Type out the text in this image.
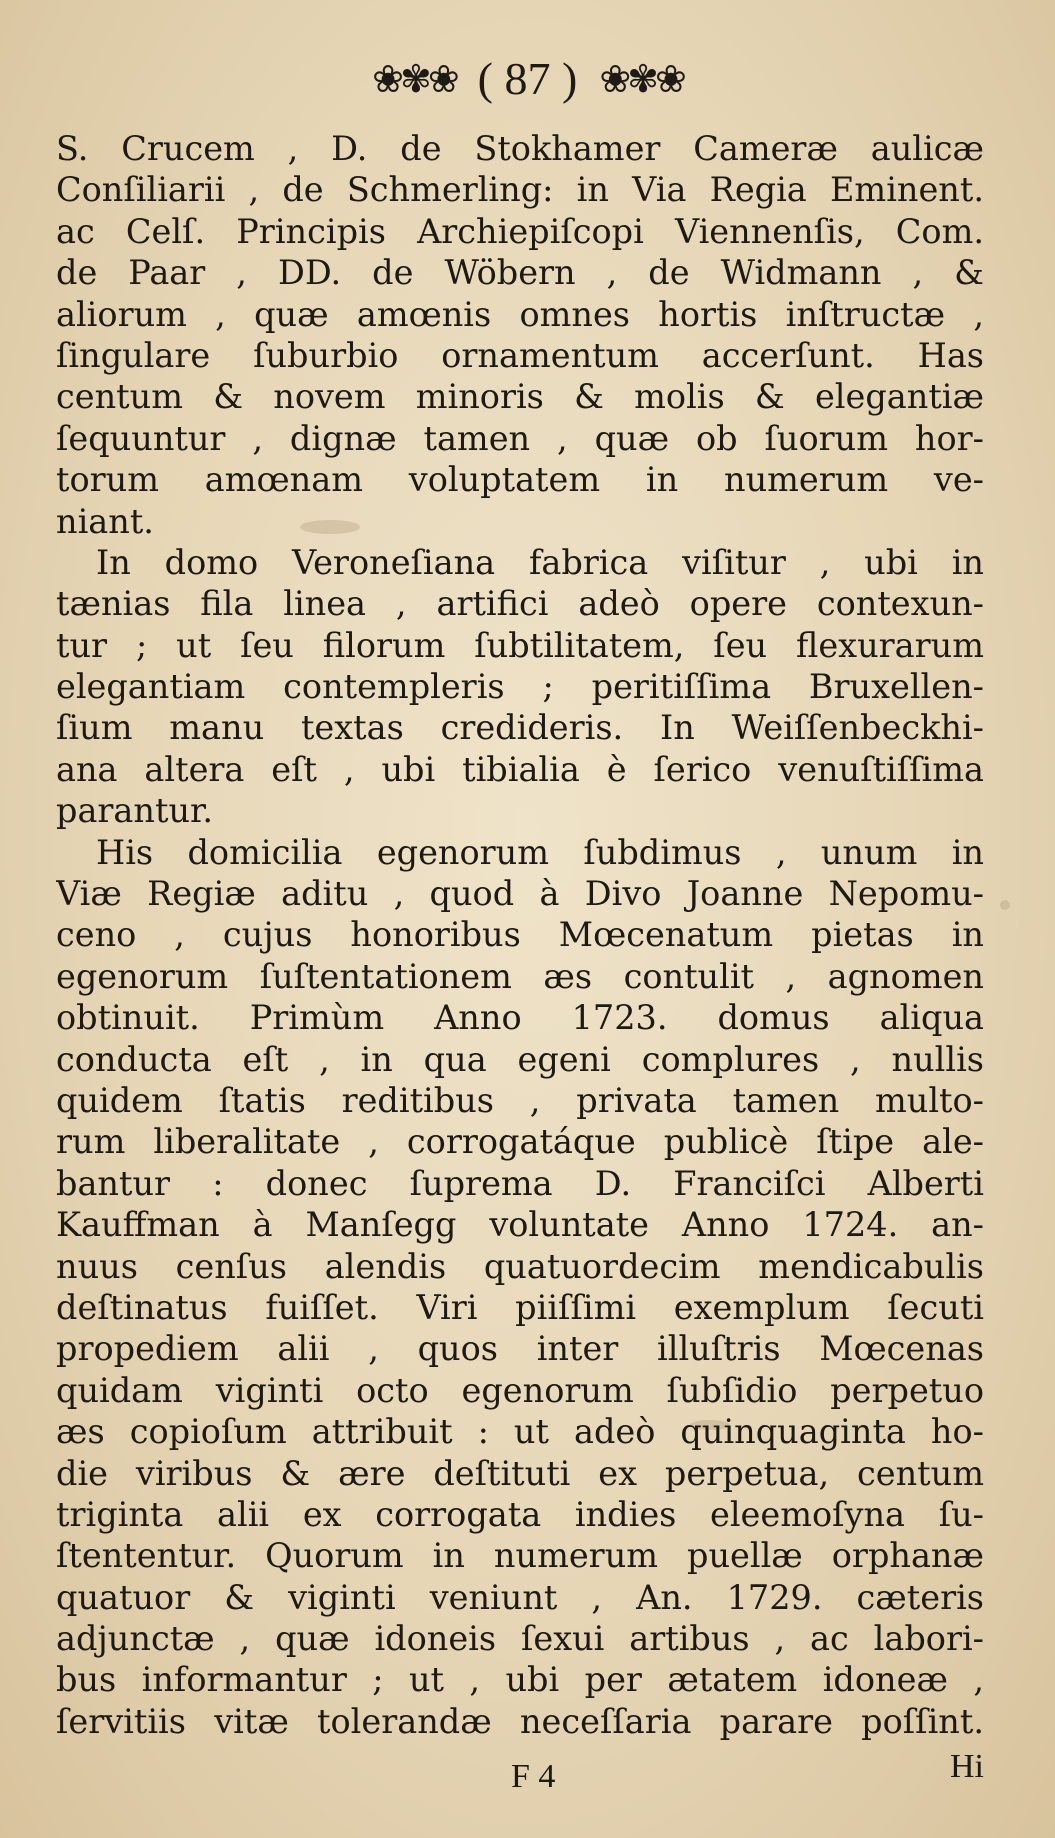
❀✾❀ ( 87 ) ❀✾❀
S. Crucem , D. de Stokhamer Cameræ aulicæ
Conſiliarii , de Schmerling: in Via Regia Eminent.
ac Celſ. Principis Archiepiſcopi Viennenſis, Com.
de Paar , DD. de Wöbern , de Widmann , &
aliorum , quæ amœnis omnes hortis inſtructæ ,
ſingulare ſuburbio ornamentum accerſunt. Has
centum & novem minoris & molis & elegantiæ
ſequuntur , dignæ tamen , quæ ob ſuorum hor-
torum amœnam voluptatem in numerum ve-
niant.
In domo Veroneſiana fabrica viſitur , ubi in
tænias fila linea , artifici adeò opere contexun-
tur ; ut ſeu filorum ſubtilitatem, ſeu flexurarum
elegantiam contempleris ; peritiſſima Bruxellen-
ſium manu textas credideris. In Weiſſenbeckhi-
ana altera eſt , ubi tibialia è ſerico venuſtiſſima
parantur.
His domicilia egenorum ſubdimus , unum in
Viæ Regiæ aditu , quod à Divo Joanne Nepomu-
ceno , cujus honoribus Mœcenatum pietas in
egenorum ſuſtentationem æs contulit , agnomen
obtinuit. Primùm Anno 1723. domus aliqua
conducta eſt , in qua egeni complures , nullis
quidem ſtatis reditibus , privata tamen multo-
rum liberalitate , corrogatáque publicè ſtipe ale-
bantur : donec ſuprema D. Franciſci Alberti
Kauffman à Manſegg voluntate Anno 1724. an-
nuus cenſus alendis quatuordecim mendicabulis
deſtinatus fuiſſet. Viri piiſſimi exemplum ſecuti
propediem alii , quos inter illuſtris Mœcenas
quidam viginti octo egenorum ſubſidio perpetuo
æs copioſum attribuit : ut adeò quinquaginta ho-
die viribus & ære deſtituti ex perpetua, centum
triginta alii ex corrogata indies eleemoſyna ſu-
ſtententur. Quorum in numerum puellæ orphanæ
quatuor & viginti veniunt , An. 1729. cæteris
adjunctæ , quæ idoneis ſexui artibus , ac labori-
bus informantur ; ut , ubi per ætatem idoneæ ,
ſervitiis vitæ tolerandæ neceſſaria parare poſſint.
F 4	Hi
